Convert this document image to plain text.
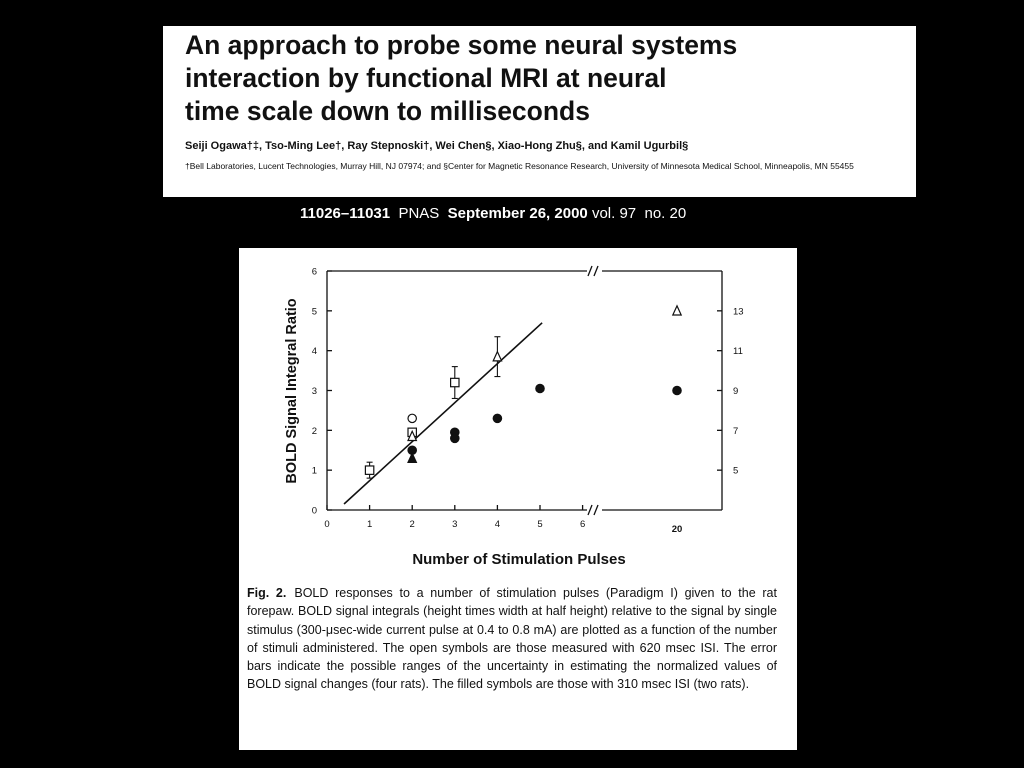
An approach to probe some neural systems
interaction by functional MRI at neural
time scale down to milliseconds
Seiji Ogawa†‡, Tso-Ming Lee†, Ray Stepnoski†, Wei Chen§, Xiao-Hong Zhu§, and Kamil Ugurbil§
†Bell Laboratories, Lucent Technologies, Murray Hill, NJ 07974; and §Center for Magnetic Resonance Research, University of Minnesota Medical School, Minneapolis, MN 55455
11026–11031 PNAS September 26, 2000 vol. 97 no. 20
0
1
2
3
4
5
6
5
7
9
11
13
0	1	2	3	4	5	6	20
Number of Stimulation Pulses
BOLD Signal Integral Ratio
Fig. 2. BOLD responses to a number of stimulation pulses (Paradigm I) given to the rat forepaw. BOLD signal integrals (height times width at half height) relative to the signal by single stimulus (300-μsec-wide current pulse at 0.4 to 0.8 mA) are plotted as a function of the number of stimuli administered. The open symbols are those measured with 620 msec ISI. The error bars indicate the possible ranges of the uncertainty in estimating the normalized values of BOLD signal changes (four rats). The filled symbols are those with 310 msec ISI (two rats).
